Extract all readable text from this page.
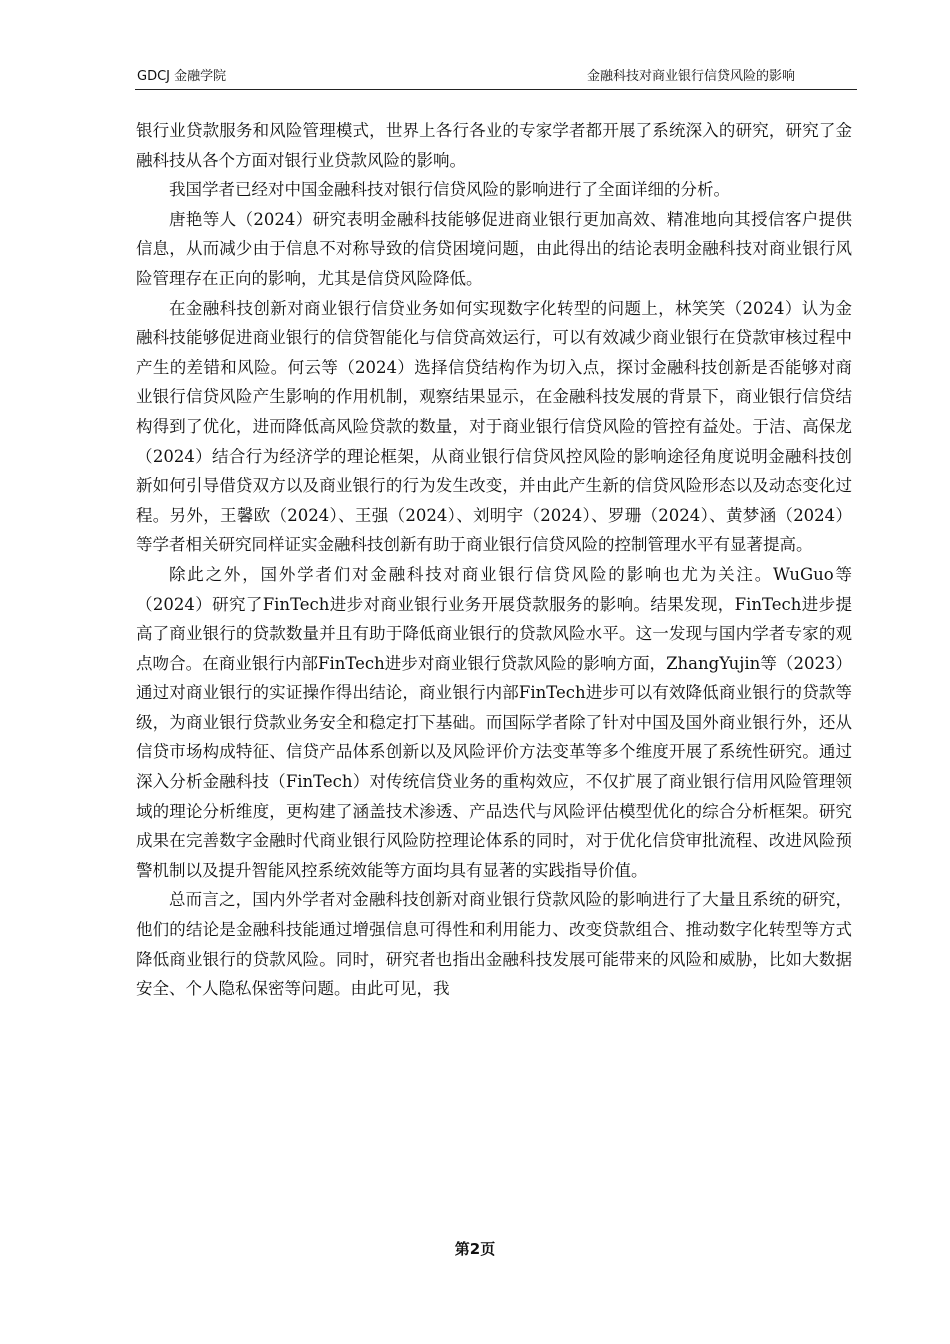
GDCJ 金融学院	金融科技对商业银行信贷风险的影响

银行业贷款服务和风险管理模式，世界上各行各业的专家学者都开展了系统深入的研究，研究了金融科技从各个方面对银行业贷款风险的影响。

我国学者已经对中国金融科技对银行信贷风险的影响进行了全面详细的分析。

唐艳等人（2024）研究表明金融科技能够促进商业银行更加高效、精准地向其授信客户提供信息，从而减少由于信息不对称导致的信贷困境问题，由此得出的结论表明金融科技对商业银行风险管理存在正向的影响，尤其是信贷风险降低。

在金融科技创新对商业银行信贷业务如何实现数字化转型的问题上，林笑笑（2024）认为金融科技能够促进商业银行的信贷智能化与信贷高效运行，可以有效减少商业银行在贷款审核过程中产生的差错和风险。何云等（2024）选择信贷结构作为切入点，探讨金融科技创新是否能够对商业银行信贷风险产生影响的作用机制，观察结果显示，在金融科技发展的背景下，商业银行信贷结构得到了优化，进而降低高风险贷款的数量，对于商业银行信贷风险的管控有益处。于洁、高保龙（2024）结合行为经济学的理论框架，从商业银行信贷风控风险的影响途径角度说明金融科技创新如何引导借贷双方以及商业银行的行为发生改变，并由此产生新的信贷风险形态以及动态变化过程。另外，王馨欧（2024）、王强（2024）、刘明宇（2024）、罗珊（2024）、黄梦涵（2024）等学者相关研究同样证实金融科技创新有助于商业银行信贷风险的控制管理水平有显著提高。

除此之外，国外学者们对金融科技对商业银行信贷风险的影响也尤为关注。WuGuo等（2024）研究了FinTech进步对商业银行业务开展贷款服务的影响。结果发现，FinTech进步提高了商业银行的贷款数量并且有助于降低商业银行的贷款风险水平。这一发现与国内学者专家的观点吻合。在商业银行内部FinTech进步对商业银行贷款风险的影响方面，ZhangYujin等（2023）通过对商业银行的实证操作得出结论，商业银行内部FinTech进步可以有效降低商业银行的贷款等级，为商业银行贷款业务安全和稳定打下基础。而国际学者除了针对中国及国外商业银行外，还从信贷市场构成特征、信贷产品体系创新以及风险评价方法变革等多个维度开展了系统性研究。通过深入分析金融科技（FinTech）对传统信贷业务的重构效应，不仅扩展了商业银行信用风险管理领域的理论分析维度，更构建了涵盖技术渗透、产品迭代与风险评估模型优化的综合分析框架。研究成果在完善数字金融时代商业银行风险防控理论体系的同时，对于优化信贷审批流程、改进风险预警机制以及提升智能风控系统效能等方面均具有显著的实践指导价值。

总而言之，国内外学者对金融科技创新对商业银行贷款风险的影响进行了大量且系统的研究，他们的结论是金融科技能通过增强信息可得性和利用能力、改变贷款组合、推动数字化转型等方式降低商业银行的贷款风险。同时，研究者也指出金融科技发展可能带来的风险和威胁，比如大数据安全、个人隐私保密等问题。由此可见，我

第2页
